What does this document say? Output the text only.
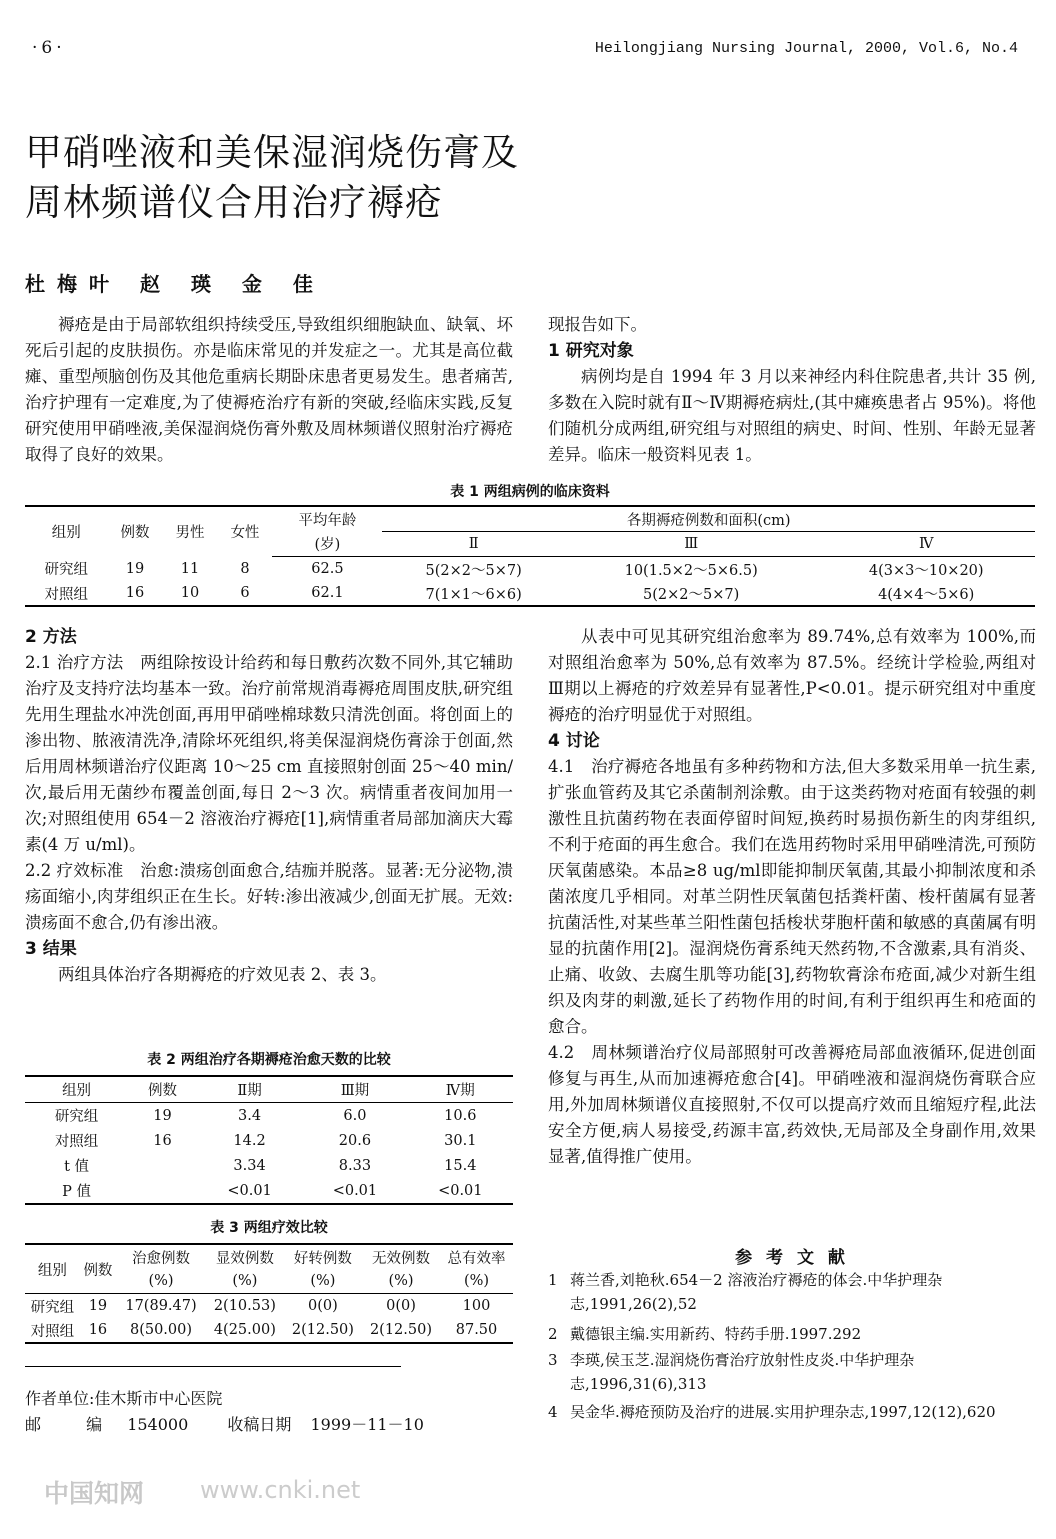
·6·	Heilongjiang Nursing Journal, 2000, Vol.6, No.4
甲硝唑液和美保湿润烧伤膏及
周林频谱仪合用治疗褥疮
杜梅叶 赵 瑛 金 佳

褥疮是由于局部软组织持续受压,导致组织细胞缺血、缺氧、坏死后引起的皮肤损伤。亦是临床常见的并发症之一。尤其是高位截瘫、重型颅脑创伤及其他危重病长期卧床患者更易发生。患者痛苦,治疗护理有一定难度,为了使褥疮治疗有新的突破,经临床实践,反复研究使用甲硝唑液,美保湿润烧伤膏外敷及周林频谱仪照射治疗褥疮取得了良好的效果。

现报告如下。

1 研究对象

病例均是自 1994 年 3 月以来神经内科住院患者,共计 35 例,多数在入院时就有Ⅱ～Ⅳ期褥疮病灶,(其中瘫痪患者占 95%)。将他们随机分成两组,研究组与对照组的病史、时间、性别、年龄无显著差异。临床一般资料见表 1。

表 1 两组病例的临床资料
组别	例数	男性	女性	平均年龄	各期褥疮例数和面积(cm)		
				(岁)	Ⅱ	Ⅲ	Ⅳ
研究组	19	11	8	62.5	5(2×2～5×7)	10(1.5×2～5×6.5)	4(3×3～10×20)
对照组	16	10	6	62.1	7(1×1～6×6)	5(2×2～5×7)	4(4×4～5×6)

2 方法

2.1 治疗方法　 两组除按设计给药和每日敷药次数不同外,其它辅助治疗及支持疗法均基本一致。治疗前常规消毒褥疮周围皮肤,研究组先用生理盐水冲洗创面,再用甲硝唑棉球数只清洗创面。将创面上的渗出物、脓液清洗净,清除坏死组织,将美保湿润烧伤膏涂于创面,然后用周林频谱治疗仪距离 10～25 cm 直接照射创面 25～40 min/次,最后用无菌纱布覆盖创面,每日 2～3 次。病情重者夜间加用一次;对照组使用 654－2 溶液治疗褥疮[1],病情重者局部加滴庆大霉素(4 万 u/ml)。

2.2 疗效标准　 治愈:溃疡创面愈合,结痂并脱落。显著:无分泌物,溃疡面缩小,肉芽组织正在生长。好转:渗出液减少,创面无扩展。无效:溃疡面不愈合,仍有渗出液。

3 结果

两组具体治疗各期褥疮的疗效见表 2、表 3。

表 2 两组治疗各期褥疮治愈天数的比较
组别	例数	Ⅱ期	Ⅲ期	Ⅳ期
研究组	19	3.4	6.0	10.6
对照组	16	14.2	20.6	30.1
t 值		3.34	8.33	15.4
P 值		<0.01	<0.01	<0.01
表 3 两组疗效比较
组别	例数	治愈例数	显效例数	好转例数	无效例数	总有效率
		(%)	(%)	(%)	(%)	(%)
研究组	19	17(89.47)	2(10.53)	0(0)	0(0)	100
对照组	16	8(50.00)	4(25.00)	2(12.50)	2(12.50)	87.50

从表中可见其研究组治愈率为 89.74%,总有效率为 100%,而对照组治愈率为 50%,总有效率为 87.5%。经统计学检验,两组对Ⅲ期以上褥疮的疗效差异有显著性,P<0.01。提示研究组对中重度褥疮的治疗明显优于对照组。

4 讨论

4.1　 治疗褥疮各地虽有多种药物和方法,但大多数采用单一抗生素,扩张血管药及其它杀菌制剂涂敷。由于这类药物对疮面有较强的刺激性且抗菌药物在表面停留时间短,换药时易损伤新生的肉芽组织,不利于疮面的再生愈合。我们在选用药物时采用甲硝唑清洗,可预防厌氧菌感染。本品≥8 ug/ml即能抑制厌氧菌,其最小抑制浓度和杀菌浓度几乎相同。对革兰阴性厌氧菌包括粪杆菌、梭杆菌属有显著抗菌活性,对某些革兰阳性菌包括梭状芽胞杆菌和敏感的真菌属有明显的抗菌作用[2]。湿润烧伤膏系纯天然药物,不含激素,具有消炎、止痛、收敛、去腐生肌等功能[3],药物软膏涂布疮面,减少对新生组织及肉芽的刺激,延长了药物作用的时间,有利于组织再生和疮面的愈合。

4.2　 周林频谱治疗仪局部照射可改善褥疮局部血液循环,促进创面修复与再生,从而加速褥疮愈合[4]。甲硝唑液和湿润烧伤膏联合应用,外加周林频谱仪直接照射,不仅可以提高疗效而且缩短疗程,此法安全方便,病人易接受,药源丰富,药效快,无局部及全身副作用,效果显著,值得推广使用。

参 考 文 献
1 蒋兰香,刘艳秋.654－2 溶液治疗褥疮的体会.中华护理杂志,1991,26(2),52
2 戴德银主编.实用新药、特药手册.1997.292
3 李瑛,侯玉芝.湿润烧伤膏治疗放射性皮炎.中华护理杂志,1996,31(6),313
4 吴金华.褥疮预防及治疗的进展.实用护理杂志,1997,12(12),620
作者单位:佳木斯市中心医院
邮 编 154000 收稿日期 1999－11－10
中国知网 www.cnki.net
